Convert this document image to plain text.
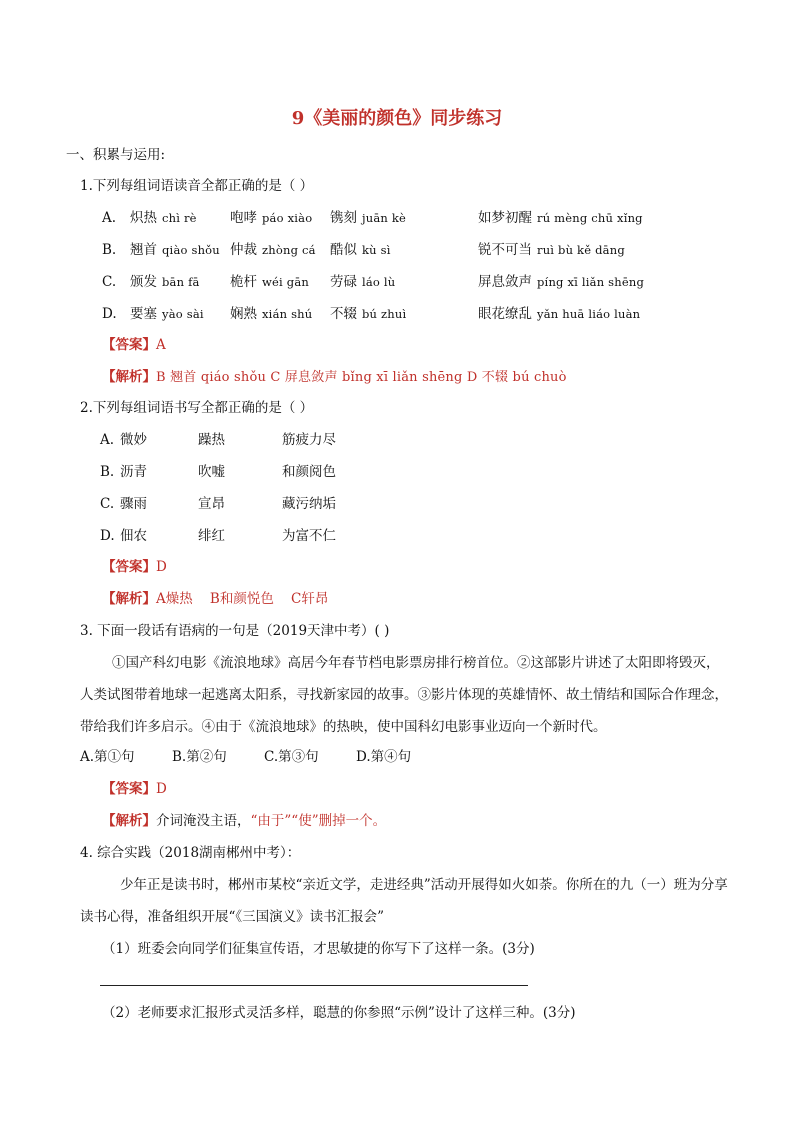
9《美丽的颜色》同步练习
一、积累与运用:
1.下列每组词语读音全都正确的是（ ）
A. 炽热 chì rè 咆哮 páo xiào 镌刻 juān kè	如梦初醒 rú mèng chū xǐng
B. 翘首 qiào shǒu 仲裁 zhòng cá 酷似 kù sì	锐不可当 ruì bù kě dāng
C. 颁发 bān fā 桅杆 wéi gān 劳碌 láo lù	屏息敛声 píng xī liǎn shēng
D. 要塞 yào sài 娴熟 xián shú 不辍 bú zhuì	眼花缭乱 yǎn huā liáo luàn
【答案】A
【解析】B 翘首 qiáo shǒu C 屏息敛声 bǐng xī liǎn shēng D 不辍 bú chuò
2.下列每组词语书写全都正确的是（ ）
A. 微妙	躁热	筋疲力尽
B. 沥青	吹嘘	和颜阅色
C. 骤雨	宣昂	藏污纳垢
D. 佃农	绯红	为富不仁
【答案】D
【解析】A燥热    B和颜悦色    C轩昂
3. 下面一段话有语病的一句是（2019天津中考）( )
①国产科幻电影《流浪地球》高居今年春节档电影票房排行榜首位。②这部影片讲述了太阳即将毁灭，人类试图带着地球一起逃离太阳系，寻找新家园的故事。③影片体现的英雄情怀、故土情结和国际合作理念，带给我们许多启示。④由于《流浪地球》的热映，使中国科幻电影事业迈向一个新时代。
A.第①句	B.第②句	C.第③句	D.第④句
【答案】D
【解析】介词淹没主语，“由于”“使”删掉一个。
4. 综合实践（2018湖南郴州中考）：
少年正是读书时，郴州市某校“亲近文学，走进经典”活动开展得如火如荼。你所在的九（一）班为分享读书心得，准备组织开展“《三国演义》读书汇报会”
（1）班委会向同学们征集宣传语，才思敏捷的你写下了这样一条。(3分)
（2）老师要求汇报形式灵活多样，聪慧的你参照“示例”设计了这样三种。(3分)
